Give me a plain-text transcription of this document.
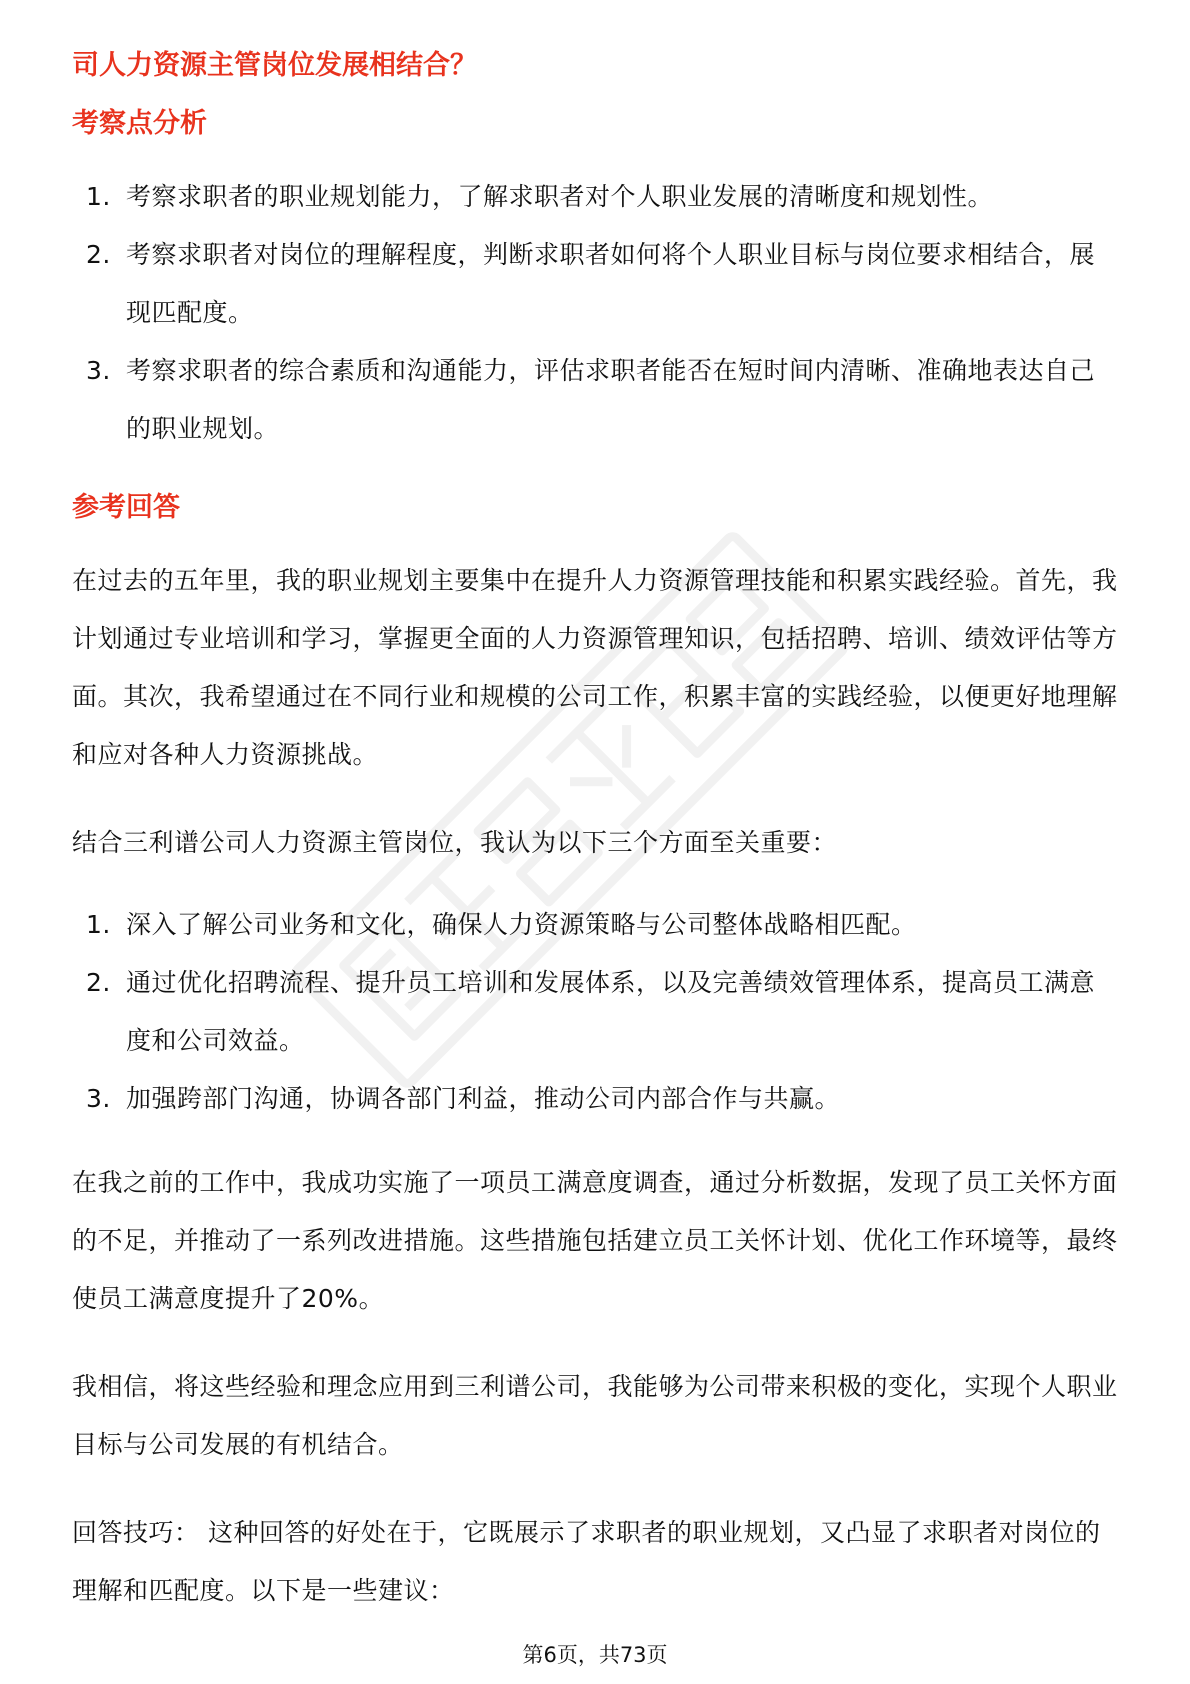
司人力资源主管岗位发展相结合？
考察点分析
1. 考察求职者的职业规划能力，了解求职者对个人职业发展的清晰度和规划性。
2. 考察求职者对岗位的理解程度，判断求职者如何将个人职业目标与岗位要求相结合，展现匹配度。
3. 考察求职者的综合素质和沟通能力，评估求职者能否在短时间内清晰、准确地表达自己的职业规划。
参考回答

在过去的五年里，我的职业规划主要集中在提升人力资源管理技能和积累实践经验。首先，我计划通过专业培训和学习，掌握更全面的人力资源管理知识，包括招聘、培训、绩效评估等方面。其次，我希望通过在不同行业和规模的公司工作，积累丰富的实践经验，以便更好地理解和应对各种人力资源挑战。

结合三利谱公司人力资源主管岗位，我认为以下三个方面至关重要：

1. 深入了解公司业务和文化，确保人力资源策略与公司整体战略相匹配。
2. 通过优化招聘流程、提升员工培训和发展体系，以及完善绩效管理体系，提高员工满意度和公司效益。
3. 加强跨部门沟通，协调各部门利益，推动公司内部合作与共赢。

在我之前的工作中，我成功实施了一项员工满意度调查，通过分析数据，发现了员工关怀方面的不足，并推动了一系列改进措施。这些措施包括建立员工关怀计划、优化工作环境等，最终使员工满意度提升了20%。

我相信，将这些经验和理念应用到三利谱公司，我能够为公司带来积极的变化，实现个人职业目标与公司发展的有机结合。

回答技巧： 这种回答的好处在于，它既展示了求职者的职业规划，又凸显了求职者对岗位的理解和匹配度。以下是一些建议：

第6页，共73页
